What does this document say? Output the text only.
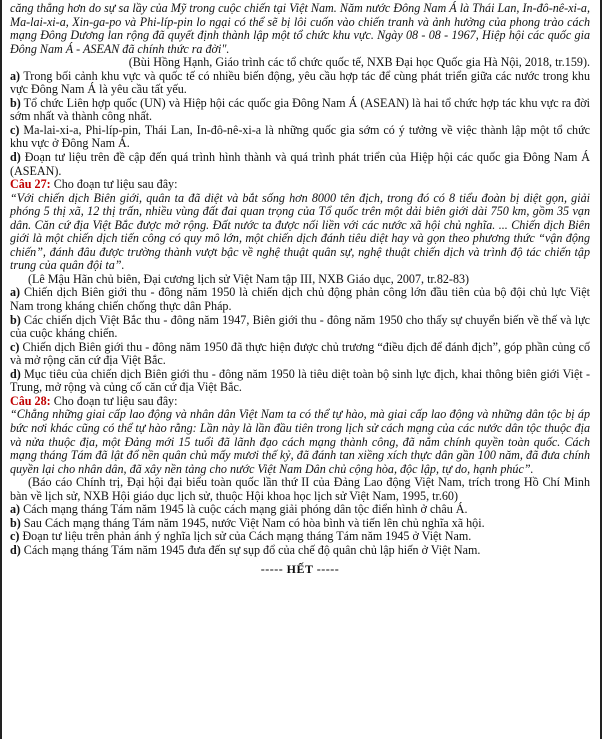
căng thẳng hơn do sự sa lầy của Mỹ trong cuộc chiến tại Việt Nam. Năm nước Đông Nam Á là Thái Lan, In-đô-nê-xi-a, Ma-lai-xi-a, Xin-ga-po và Phi-líp-pin lo ngại có thể sẽ bị lôi cuốn vào chiến tranh và ảnh hưởng của phong trào cách mạng Đông Dương lan rộng đã quyết định thành lập một tổ chức khu vực. Ngày 08 - 08 - 1967, Hiệp hội các quốc gia Đông Nam Á - ASEAN đã chính thức ra đời".

(Bùi Hồng Hạnh, Giáo trình các tổ chức quốc tế, NXB Đại học Quốc gia Hà Nội, 2018, tr.159).

a) Trong bối cảnh khu vực và quốc tế có nhiều biến động, yêu cầu hợp tác để cùng phát triển giữa các nước trong khu vực Đông Nam Á là yêu cầu tất yếu.

b) Tổ chức Liên hợp quốc (UN) và Hiệp hội các quốc gia Đông Nam Á (ASEAN) là hai tổ chức hợp tác khu vực ra đời sớm nhất và thành công nhất.

c) Ma-lai-xi-a, Phi-líp-pin, Thái Lan, In-đô-nê-xi-a là những quốc gia sớm có ý tưởng về việc thành lập một tổ chức khu vực ở Đông Nam Á.

d) Đoạn tư liệu trên đề cập đến quá trình hình thành và quá trình phát triển của Hiệp hội các quốc gia Đông Nam Á (ASEAN).

Câu 27: Cho đoạn tư liệu sau đây:

“Với chiến dịch Biên giới, quân ta đã diệt và bắt sống hơn 8000 tên địch, trong đó có 8 tiểu đoàn bị diệt gọn, giải phóng 5 thị xã, 12 thị trấn, nhiều vùng đất đai quan trọng của Tổ quốc trên một dải biên giới dài 750 km, gồm 35 vạn dân. Căn cứ địa Việt Bắc được mở rộng. Đất nước ta được nối liền với các nước xã hội chủ nghĩa. ... Chiến dịch Biên giới là một chiến dịch tiến công có quy mô lớn, một chiến dịch đánh tiêu diệt hay và gọn theo phương thức “vận động chiến”, đánh đâu được trường thành vượt bậc về nghệ thuật quân sự, nghệ thuật chiến dịch và trình độ tác chiến tập trung của quân đội ta”.

(Lê Mậu Hãn chủ biên, Đại cương lịch sử Việt Nam tập III, NXB Giáo dục, 2007, tr.82-83)

a) Chiến dịch Biên giới thu - đông năm 1950 là chiến dịch chủ động phản công lớn đầu tiên của bộ đội chủ lực Việt Nam trong kháng chiến chống thực dân Pháp.

b) Các chiến dịch Việt Bắc thu - đông năm 1947, Biên giới thu - đông năm 1950 cho thấy sự chuyển biến về thế và lực của cuộc kháng chiến.

c) Chiến dịch Biên giới thu - đông năm 1950 đã thực hiện được chủ trương “điều địch để đánh địch”, góp phần củng cố và mở rộng căn cứ địa Việt Bắc.

d) Mục tiêu của chiến dịch Biên giới thu - đông năm 1950 là tiêu diệt toàn bộ sinh lực địch, khai thông biên giới Việt - Trung, mở rộng và củng cố căn cứ địa Việt Bắc.

Câu 28: Cho đoạn tư liệu sau đây:

“Chẳng những giai cấp lao động và nhân dân Việt Nam ta có thể tự hào, mà giai cấp lao động và những dân tộc bị áp bức nơi khác cũng có thể tự hào rằng: Lần này là lần đầu tiên trong lịch sử cách mạng của các nước dân tộc thuộc địa và nửa thuộc địa, một Đảng mới 15 tuổi đã lãnh đạo cách mạng thành công, đã nắm chính quyền toàn quốc. Cách mạng tháng Tám đã lật đổ nền quân chủ mấy mươi thế kỷ, đã đánh tan xiềng xích thực dân gần 100 năm, đã đưa chính quyền lại cho nhân dân, đã xây nền tảng cho nước Việt Nam Dân chủ cộng hòa, độc lập, tự do, hạnh phúc”.

(Báo cáo Chính trị, Đại hội đại biểu toàn quốc lần thứ II của Đảng Lao động Việt Nam, trích trong Hồ Chí Minh bàn về lịch sử, NXB Hội giáo dục lịch sử, thuộc Hội khoa học lịch sử Việt Nam, 1995, tr.60)

a) Cách mạng tháng Tám năm 1945 là cuộc cách mạng giải phóng dân tộc điển hình ở châu Á.

b) Sau Cách mạng tháng Tám năm 1945, nước Việt Nam có hòa bình và tiến lên chủ nghĩa xã hội.

c) Đoạn tư liệu trên phản ánh ý nghĩa lịch sử của Cách mạng tháng Tám năm 1945 ở Việt Nam.

d) Cách mạng tháng Tám năm 1945 đưa đến sự sụp đổ của chế độ quân chủ lập hiến ở Việt Nam.

----- HẾT -----
